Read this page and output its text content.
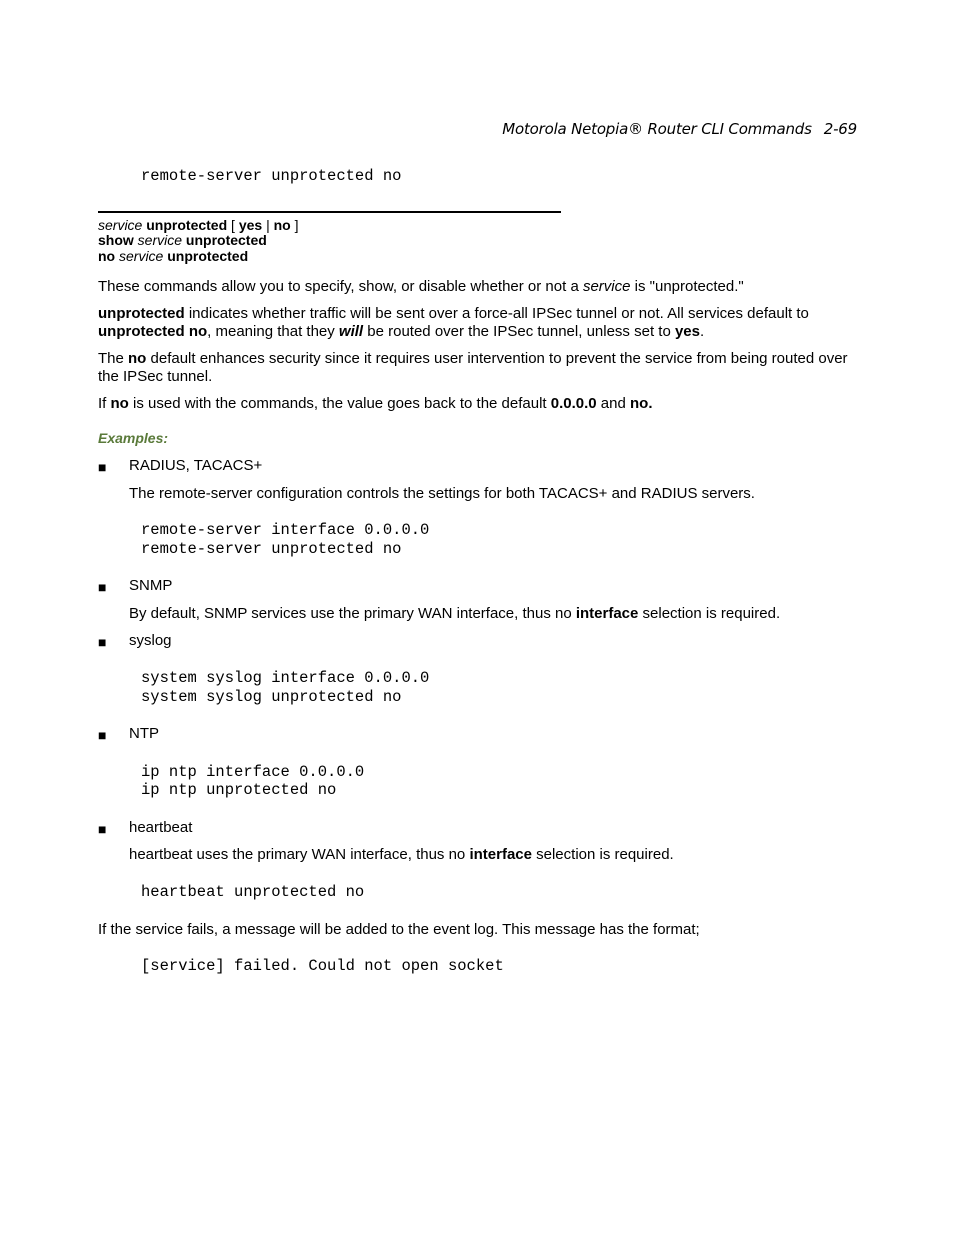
Motorola Netopia® Router CLI Commands 2-69
remote-server unprotected no
service unprotected [ yes | no ]
show service unprotected
no service unprotected
These commands allow you to specify, show, or disable whether or not a service is "unprotected."
unprotected indicates whether traffic will be sent over a force-all IPSec tunnel or not. All services default to unprotected no, meaning that they will be routed over the IPSec tunnel, unless set to yes.
The no default enhances security since it requires user intervention to prevent the service from being routed over the IPSec tunnel.
If no is used with the commands, the value goes back to the default 0.0.0.0 and no.
Examples:
■ RADIUS, TACACS+
The remote-server configuration controls the settings for both TACACS+ and RADIUS servers.
remote-server interface 0.0.0.0
remote-server unprotected no
■ SNMP
By default, SNMP services use the primary WAN interface, thus no interface selection is required.
■ syslog
system syslog interface 0.0.0.0
system syslog unprotected no
■ NTP
ip ntp interface 0.0.0.0
ip ntp unprotected no
■ heartbeat
heartbeat uses the primary WAN interface, thus no interface selection is required.
heartbeat unprotected no
If the service fails, a message will be added to the event log. This message has the format;
[service] failed. Could not open socket
